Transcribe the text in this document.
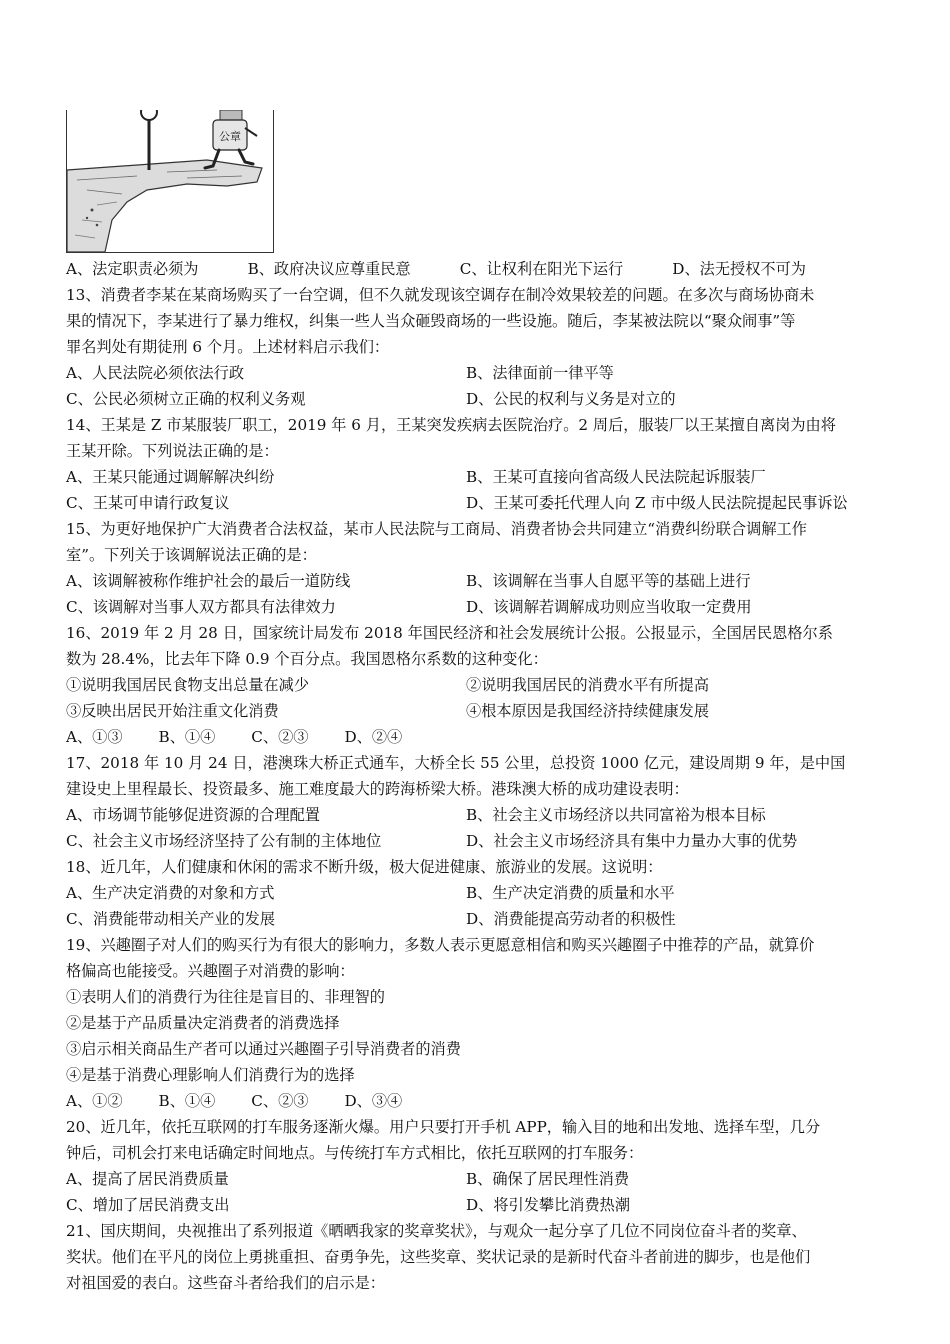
公章
A、法定职责必须为	B、政府决议应尊重民意	C、让权利在阳光下运行	D、法无授权不可为
13、消费者李某在某商场购买了一台空调，但不久就发现该空调存在制冷效果较差的问题。在多次与商场协商未
果的情况下，李某进行了暴力维权，纠集一些人当众砸毁商场的一些设施。随后，李某被法院以“聚众闹事”等
罪名判处有期徒刑 6 个月。上述材料启示我们：
A、人民法院必须依法行政	B、法律面前一律平等
C、公民必须树立正确的权利义务观	D、公民的权利与义务是对立的
14、王某是 Z 市某服装厂职工，2019 年 6 月，王某突发疾病去医院治疗。2 周后，服装厂以王某擅自离岗为由将
王某开除。下列说法正确的是：
A、王某只能通过调解解决纠纷	B、王某可直接向省高级人民法院起诉服装厂
C、王某可申请行政复议	D、王某可委托代理人向 Z 市中级人民法院提起民事诉讼
15、为更好地保护广大消费者合法权益，某市人民法院与工商局、消费者协会共同建立“消费纠纷联合调解工作
室”。下列关于该调解说法正确的是：
A、该调解被称作维护社会的最后一道防线	B、该调解在当事人自愿平等的基础上进行
C、该调解对当事人双方都具有法律效力	D、该调解若调解成功则应当收取一定费用
16、2019 年 2 月 28 日，国家统计局发布 2018 年国民经济和社会发展统计公报。公报显示，全国居民恩格尔系
数为 28.4%，比去年下降 0.9 个百分点。我国恩格尔系数的这种变化：
①说明我国居民食物支出总量在减少	②说明我国居民的消费水平有所提高
③反映出居民开始注重文化消费	④根本原因是我国经济持续健康发展
A、①③ B、①④ C、②③ D、②④
17、2018 年 10 月 24 日，港澳珠大桥正式通车，大桥全长 55 公里，总投资 1000 亿元，建设周期 9 年，是中国
建设史上里程最长、投资最多、施工难度最大的跨海桥梁大桥。港珠澳大桥的成功建设表明：
A、市场调节能够促进资源的合理配置	B、社会主义市场经济以共同富裕为根本目标
C、社会主义市场经济坚持了公有制的主体地位	D、社会主义市场经济具有集中力量办大事的优势
18、近几年，人们健康和休闲的需求不断升级，极大促进健康、旅游业的发展。这说明：
A、生产决定消费的对象和方式	B、生产决定消费的质量和水平
C、消费能带动相关产业的发展	D、消费能提高劳动者的积极性
19、兴趣圈子对人们的购买行为有很大的影响力，多数人表示更愿意相信和购买兴趣圈子中推荐的产品，就算价
格偏高也能接受。兴趣圈子对消费的影响：
①表明人们的消费行为往往是盲目的、非理智的
②是基于产品质量决定消费者的消费选择
③启示相关商品生产者可以通过兴趣圈子引导消费者的消费
④是基于消费心理影响人们消费行为的选择
A、①② B、①④ C、②③ D、③④
20、近几年，依托互联网的打车服务逐渐火爆。用户只要打开手机 APP，输入目的地和出发地、选择车型，几分
钟后，司机会打来电话确定时间地点。与传统打车方式相比，依托互联网的打车服务：
A、提高了居民消费质量	B、确保了居民理性消费
C、增加了居民消费支出	D、将引发攀比消费热潮
21、国庆期间，央视推出了系列报道《晒晒我家的奖章奖状》，与观众一起分享了几位不同岗位奋斗者的奖章、
奖状。他们在平凡的岗位上勇挑重担、奋勇争先，这些奖章、奖状记录的是新时代奋斗者前进的脚步，也是他们
对祖国爱的表白。这些奋斗者给我们的启示是：
